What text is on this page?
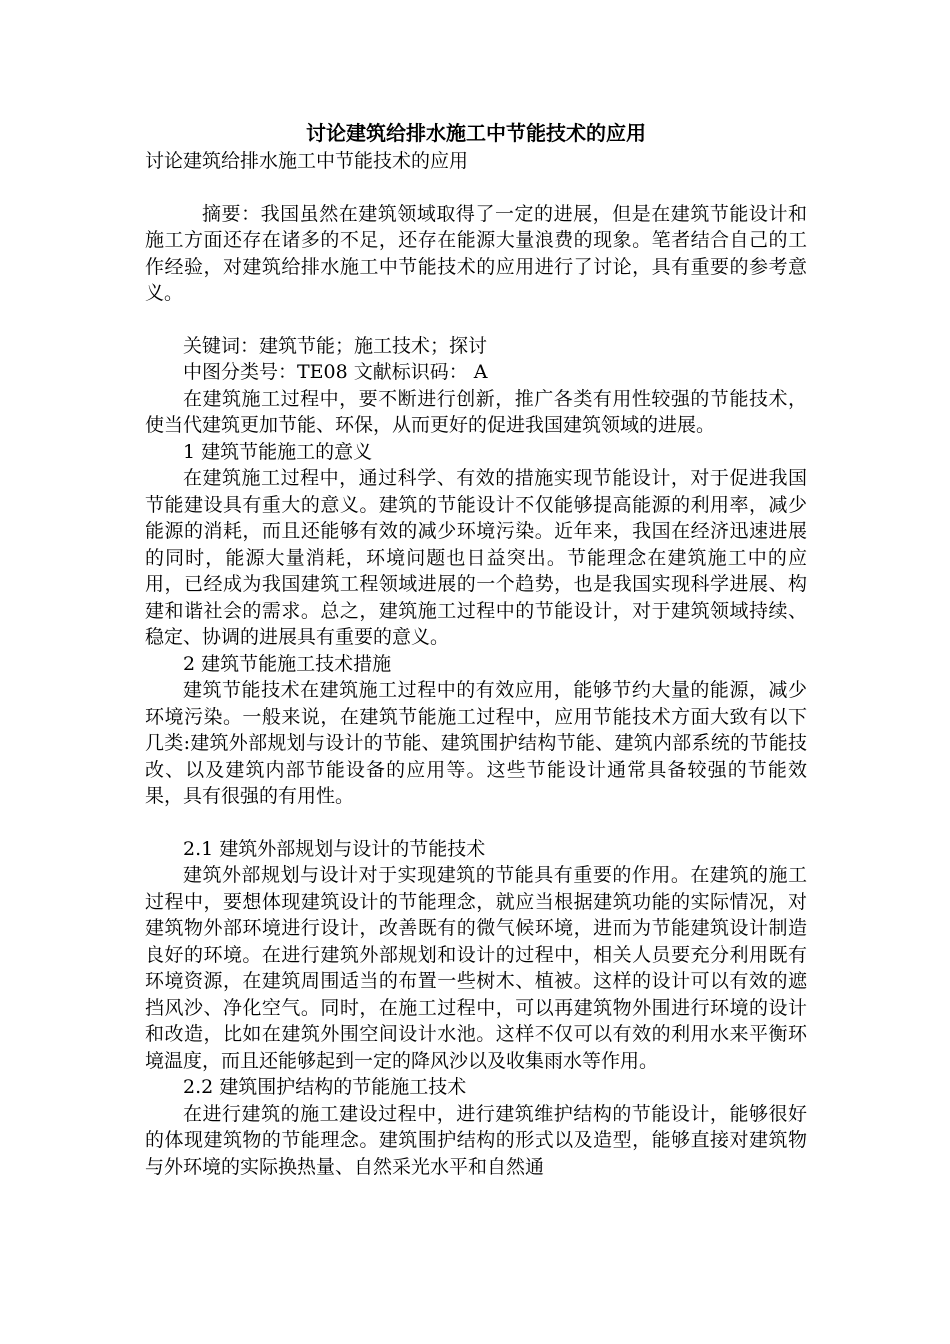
讨论建筑给排水施工中节能技术的应用

讨论建筑给排水施工中节能技术的应用

摘要：我国虽然在建筑领域取得了一定的进展，但是在建筑节能设计和施工方面还存在诸多的不足，还存在能源大量浪费的现象。笔者结合自己的工作经验，对建筑给排水施工中节能技术的应用进行了讨论，具有重要的参考意义。

关键词：建筑节能；施工技术；探讨

中图分类号：TE08 文献标识码： A

在建筑施工过程中，要不断进行创新，推广各类有用性较强的节能技术，使当代建筑更加节能、环保，从而更好的促进我国建筑领域的进展。

1 建筑节能施工的意义

在建筑施工过程中，通过科学、有效的措施实现节能设计，对于促进我国节能建设具有重大的意义。建筑的节能设计不仅能够提高能源的利用率，减少能源的消耗，而且还能够有效的减少环境污染。近年来，我国在经济迅速进展的同时，能源大量消耗，环境问题也日益突出。节能理念在建筑施工中的应用，已经成为我国建筑工程领域进展的一个趋势，也是我国实现科学进展、构建和谐社会的需求。总之，建筑施工过程中的节能设计，对于建筑领域持续、稳定、协调的进展具有重要的意义。

2 建筑节能施工技术措施

建筑节能技术在建筑施工过程中的有效应用，能够节约大量的能源，减少环境污染。一般来说，在建筑节能施工过程中，应用节能技术方面大致有以下几类:建筑外部规划与设计的节能、建筑围护结构节能、建筑内部系统的节能技改、以及建筑内部节能设备的应用等。这些节能设计通常具备较强的节能效果，具有很强的有用性。

2.1 建筑外部规划与设计的节能技术

建筑外部规划与设计对于实现建筑的节能具有重要的作用。在建筑的施工过程中，要想体现建筑设计的节能理念，就应当根据建筑功能的实际情况，对建筑物外部环境进行设计，改善既有的微气候环境，进而为节能建筑设计制造良好的环境。在进行建筑外部规划和设计的过程中，相关人员要充分利用既有环境资源，在建筑周围适当的布置一些树木、植被。这样的设计可以有效的遮挡风沙、净化空气。同时，在施工过程中，可以再建筑物外围进行环境的设计和改造，比如在建筑外围空间设计水池。这样不仅可以有效的利用水来平衡环境温度，而且还能够起到一定的降风沙以及收集雨水等作用。

2.2 建筑围护结构的节能施工技术

在进行建筑的施工建设过程中，进行建筑维护结构的节能设计，能够很好的体现建筑物的节能理念。建筑围护结构的形式以及造型，能够直接对建筑物与外环境的实际换热量、自然采光水平和自然通
